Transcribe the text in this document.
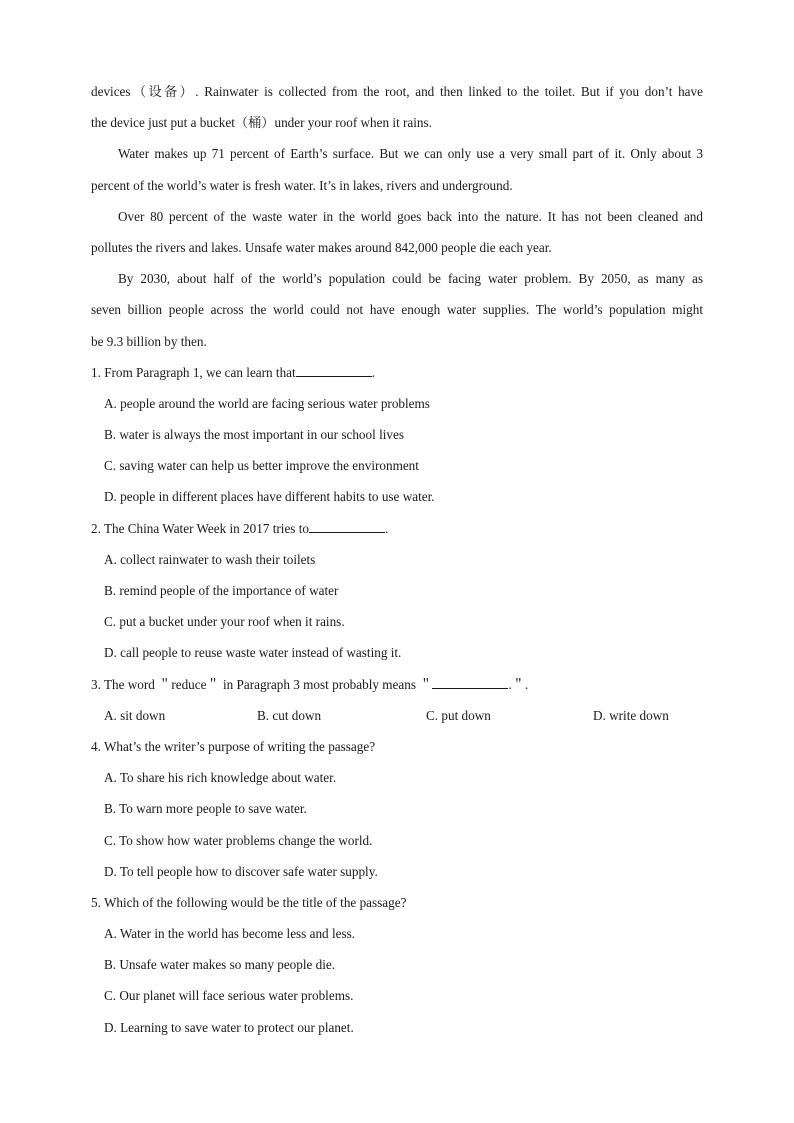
devices（设备）. Rainwater is collected from the root, and then linked to the toilet. But if you don’t have
the device just put a bucket（桶）under your roof when it rains.
Water makes up 71 percent of Earth’s surface. But we can only use a very small part of it. Only about 3
percent of the world’s water is fresh water. It’s in lakes, rivers and underground.
Over 80 percent of the waste water in the world goes back into the nature. It has not been cleaned and
pollutes the rivers and lakes. Unsafe water makes around 842,000 people die each year.
By 2030, about half of the world’s population could be facing water problem. By 2050, as many as
seven billion people across the world could not have enough water supplies. The world’s population might
be 9.3 billion by then.
1. From Paragraph 1, we can learn that	.
A. people around the world are facing serious water problems
B. water is always the most important in our school lives
C. saving water can help us better improve the environment
D. people in different places have different habits to use water.
2. The China Water Week in 2017 tries to	.
A. collect rainwater to wash their toilets
B. remind people of the importance of water
C. put a bucket under your roof when it rains.
D. call people to reuse waste water instead of wasting it.
3. The word ＂reduce＂ in Paragraph 3 most probably means ＂	.＂.
A. sit down	B. cut down	C. put down	D. write down
4. What’s the writer’s purpose of writing the passage?
A. To share his rich knowledge about water.
B. To warn more people to save water.
C. To show how water problems change the world.
D. To tell people how to discover safe water supply.
5. Which of the following would be the title of the passage?
A. Water in the world has become less and less.
B. Unsafe water makes so many people die.
C. Our planet will face serious water problems.
D. Learning to save water to protect our planet.
